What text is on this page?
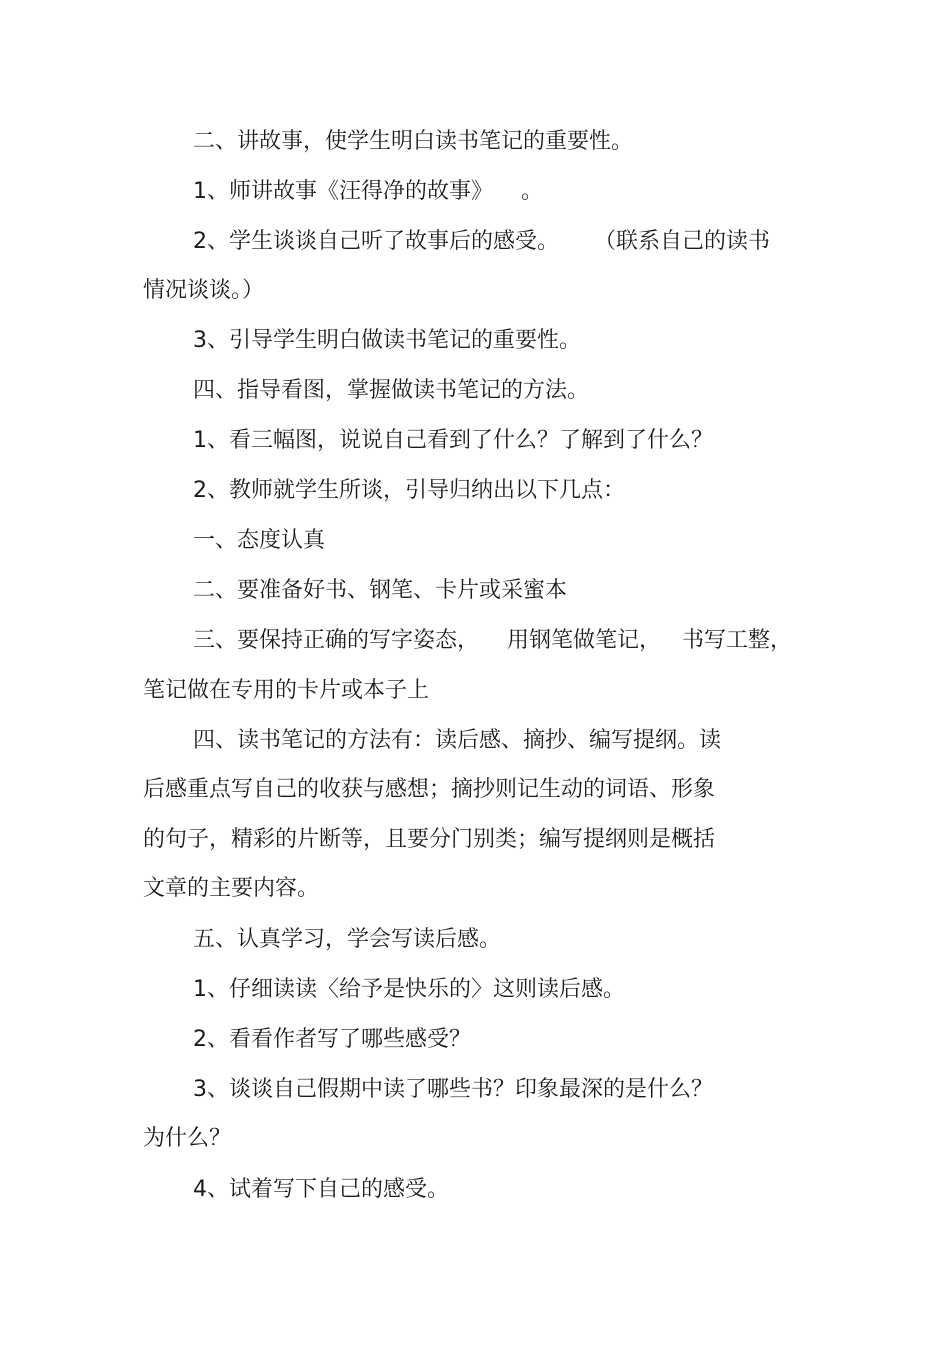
二、讲故事，使学生明白读书笔记的重要性。
1、师讲故事《汪得净的故事》    。
2、学生谈谈自己听了故事后的感受。     （联系自己的读书
情况谈谈。）
3、引导学生明白做读书笔记的重要性。
四、指导看图，掌握做读书笔记的方法。
1、看三幅图，说说自己看到了什么？了解到了什么？
2、教师就学生所谈，引导归纳出以下几点：
一、态度认真
二、要准备好书、钢笔、卡片或采蜜本
三、要保持正确的写字姿态，    用钢笔做笔记，   书写工整，
笔记做在专用的卡片或本子上
四、读书笔记的方法有：读后感、摘抄、编写提纲。读
后感重点写自己的收获与感想；摘抄则记生动的词语、形象
的句子，精彩的片断等，且要分门别类；编写提纲则是概括
文章的主要内容。
五、认真学习，学会写读后感。
1、仔细读读〈给予是快乐的〉这则读后感。
2、看看作者写了哪些感受？
3、谈谈自己假期中读了哪些书？印象最深的是什么？
为什么？
4、试着写下自己的感受。
